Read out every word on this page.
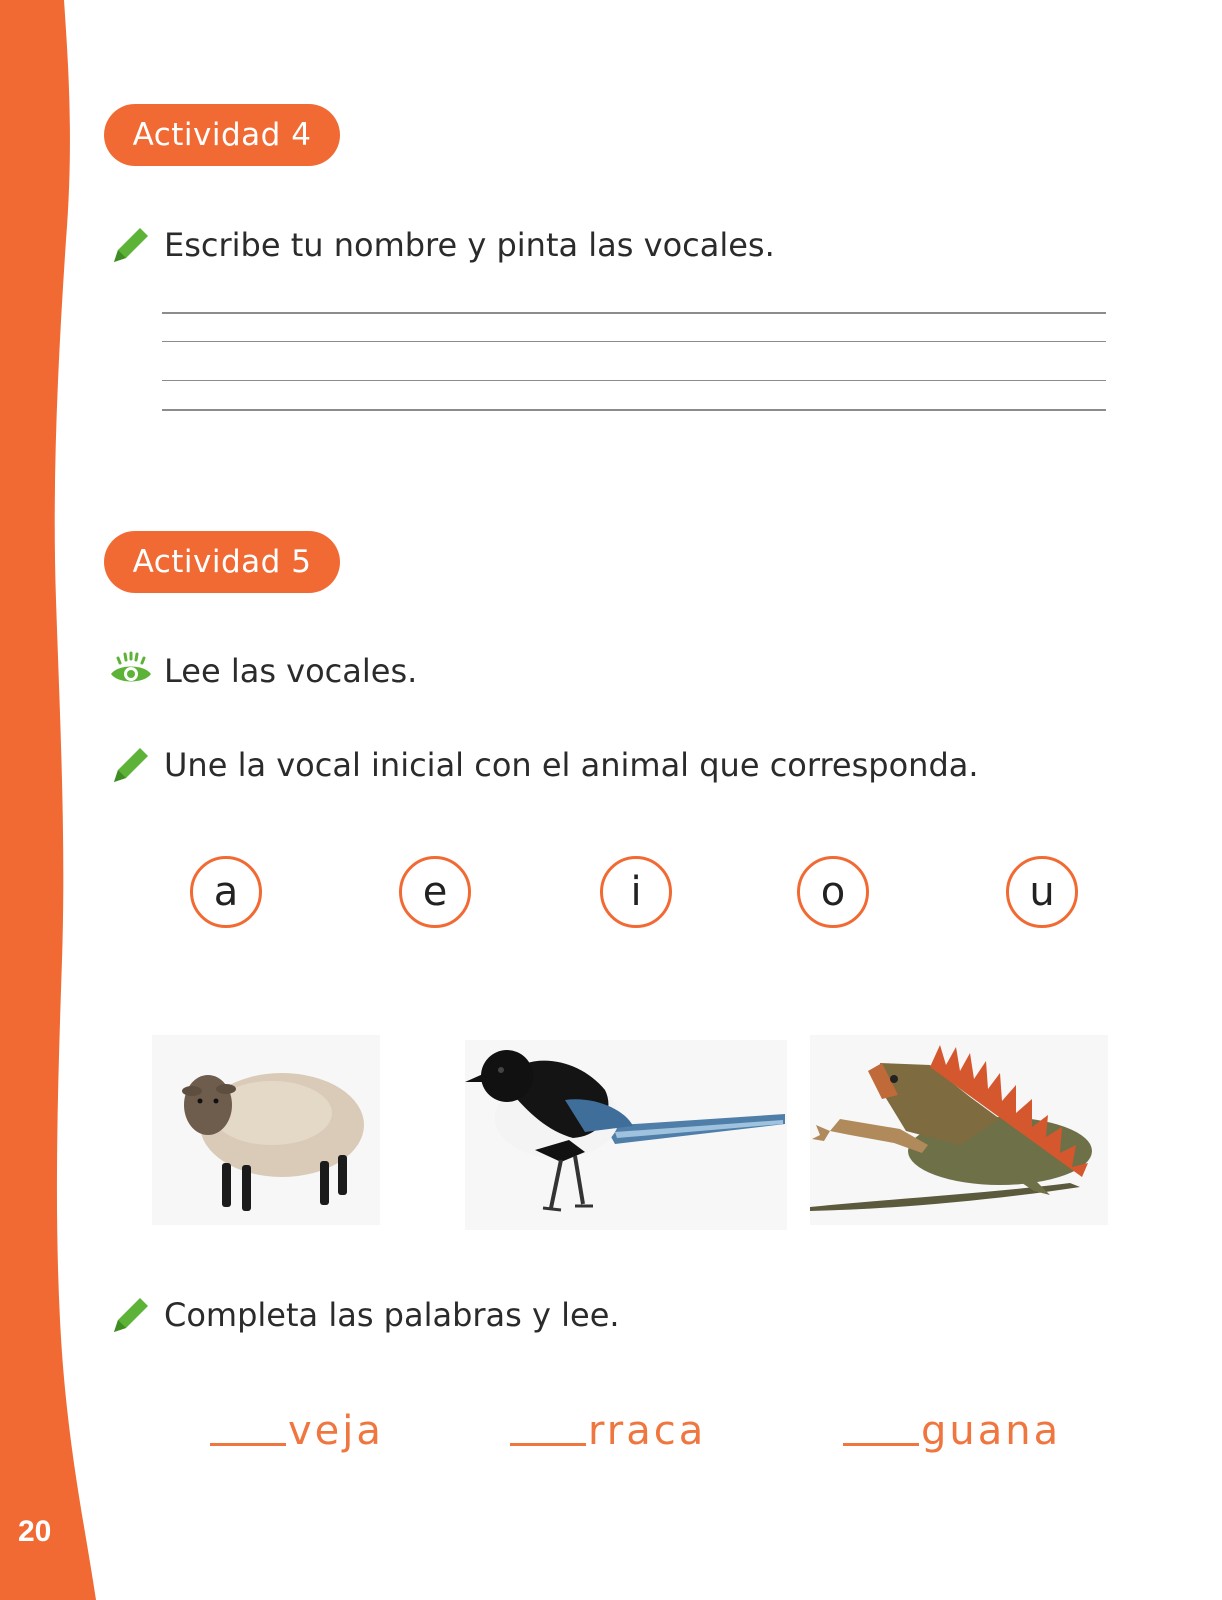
20
Actividad 4
Escribe tu nombre y pinta las vocales.
Actividad 5
Lee las vocales.
Une la vocal inicial con el animal que corresponda.
a	e	i	o	u
Completa las palabras y lee.
veja	rraca	guana
